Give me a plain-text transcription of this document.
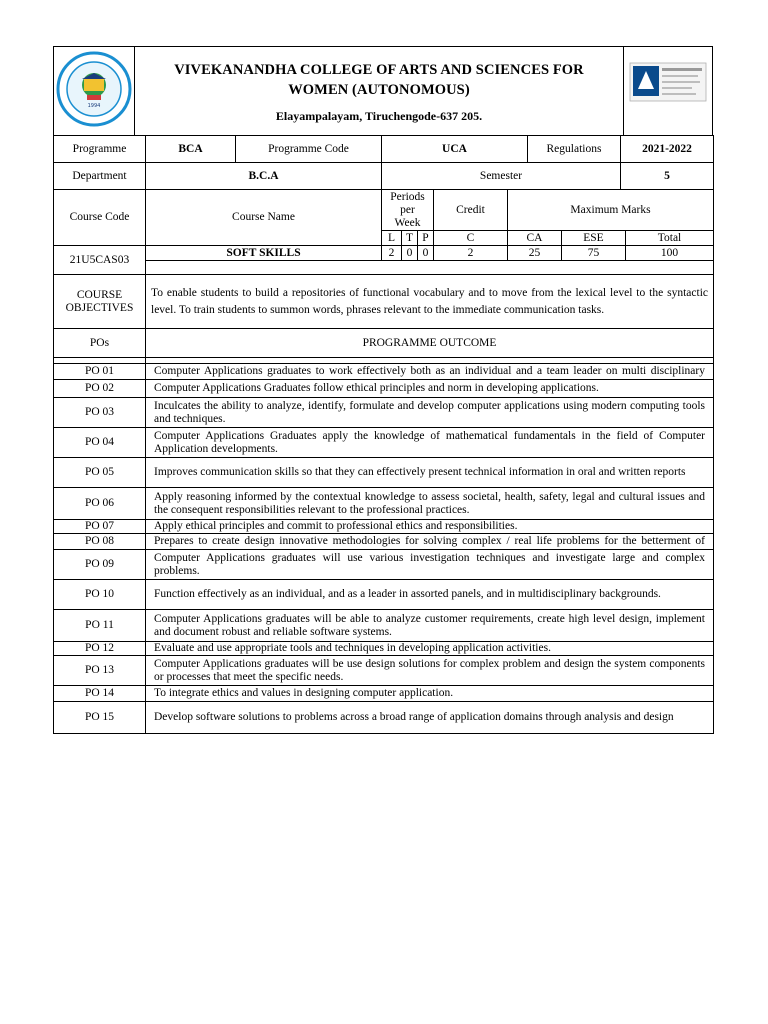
1994

VIVEKANANDHA COLLEGE OF ARTS AND SCIENCES FOR
WOMEN (AUTONOMOUS)
Elayampalayam, Tiruchengode-637 205.

Programme	BCA	Programme Code	UCA	Regulations	2021-2022
Department	B.C.A		Semester		5
Course Code	Course Name	Periods per Week			Credit	Maximum Marks		
		L	T	P	C	CA	ESE	Total
21U5CAS03	SOFT SKILLS	2	0	0	2	25	75	100

COURSE
OBJECTIVES	To enable students to build a repositories of functional vocabulary and to move from the lexical level to the syntactic level. To train students to summon words, phrases relevant to the immediate communication tasks.
POs	PROGRAMME OUTCOME

PO 01	Computer Applications graduates to work effectively both as an individual and a team leader on multi disciplinary

PO 02	Computer Applications Graduates follow ethical principles and norm in developing applications.

PO 03	Inculcates the ability to analyze, identify, formulate and develop computer applications using modern computing tools and techniques.

PO 04	Computer Applications Graduates apply the knowledge of mathematical fundamentals in the field of Computer Application developments.

PO 05	Improves communication skills so that they can effectively present technical information in oral and written reports

PO 06	Apply reasoning informed by the contextual knowledge to assess societal, health, safety, legal and cultural issues and the consequent responsibilities relevant to the professional practices.

PO 07	Apply ethical principles and commit to professional ethics and responsibilities.

PO 08	Prepares to create design innovative methodologies for solving complex / real life problems for the betterment of

PO 09	Computer Applications graduates will use various investigation techniques and investigate large and complex problems.

PO 10	Function effectively as an individual, and as a leader in assorted panels, and in multidisciplinary backgrounds.

PO 11	Computer Applications graduates will be able to analyze customer requirements, create high level design, implement and document robust and reliable software systems.

PO 12	Evaluate and use appropriate tools and techniques in developing application activities.

PO 13	Computer Applications graduates will be use design solutions for complex problem and design the system components or processes that meet the specific needs.

PO 14	To integrate ethics and values in designing computer application.

PO 15	Develop software solutions to problems across a broad range of application domains through analysis and design
